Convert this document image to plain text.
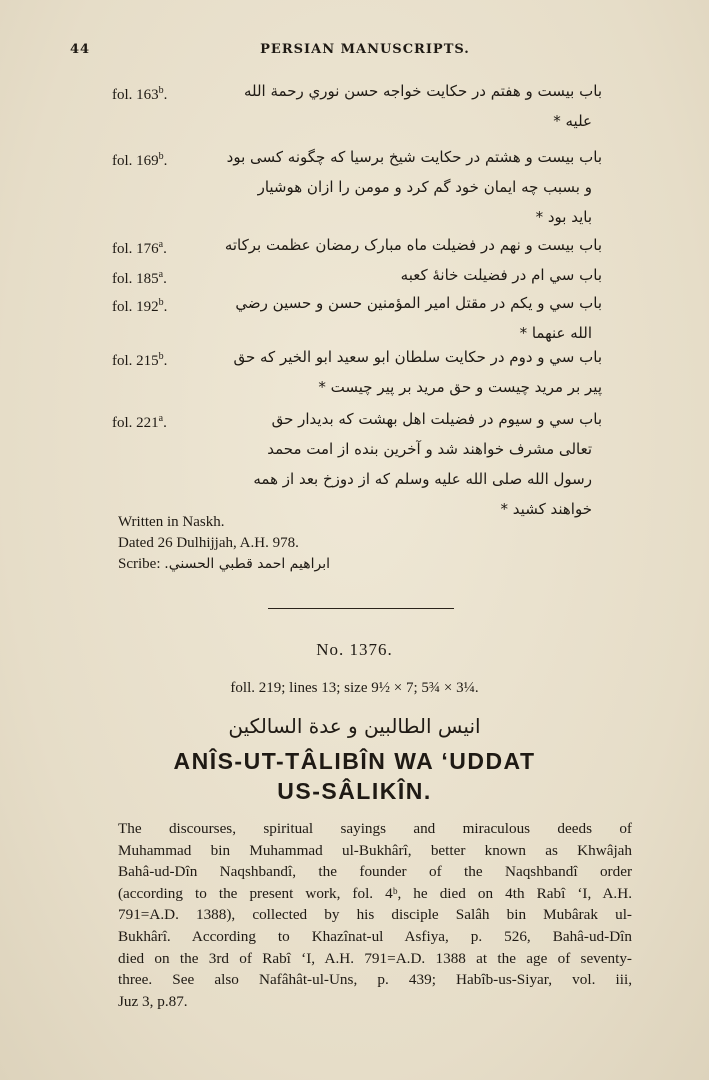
44	PERSIAN MANUSCRIPTS.
fol. 163$^b$.	باب بیست و هفتم در حکایت خواجه حسن نوري رحمة الله
علیه *
fol. 169$^b$.	باب بیست و هشتم در حکایت شیخ برسیا که چگونه کسی بود
و بسبب چه ایمان خود گم کرد و مومن را ازان هوشیار
باید بود *
fol. 176$^a$.	باب بیست و نهم در فضیلت ماه مبارک رمضان عظمت برکاته
fol. 185$^a$.	باب سي ام در فضیلت خانهٔ کعبه
fol. 192$^b$.	باب سي و یکم در مقتل امیر المؤمنین حسن و حسین رضي
الله عنهما *
fol. 215$^b$.	باب سي و دوم در حکایت سلطان ابو سعید ابو الخیر که حق
پیر بر مرید چیست و حق مرید بر پیر چیست *
fol. 221$^a$.	باب سي و سیوم در فضیلت اهل بهشت که بدیدار حق
تعالی مشرف خواهند شد و آخرین بنده از امت محمد
رسول الله صلی الله علیه وسلم که از دوزخ بعد از همه
خواهند کشید *
Written in Naskh.
Dated 26 Dulhijjah, A.H. 978.
Scribe: ابراهیم احمد قطبي الحسني.
No. 1376.
foll. 219; lines 13; size 9½ × 7; 5¾ × 3¼.
انیس الطالبین و عدة السالکین
ANÎS-UT-TÂLIBÎN WA ‘UDDAT
US-SÂLIKÎN.
The discourses, spiritual sayings and miraculous deeds of
Muhammad bin Muhammad ul-Bukhârî, better known as Khwâjah
Bahâ-ud-Dîn Naqshbandî, the founder of the Naqshbandî order
(according to the present work, fol. 4ᵇ, he died on 4th Rabî ‘I, A.H.
791=A.D. 1388), collected by his disciple Salâh bin Mubârak ul-
Bukhârî. According to Khazînat-ul Asfiya, p. 526, Bahâ-ud-Dîn
died on the 3rd of Rabî ‘I, A.H. 791=A.D. 1388 at the age of seventy-
three. See also Nafâhât-ul-Uns, p. 439; Habîb-us-Siyar, vol. iii,
Juz 3, p.87.
